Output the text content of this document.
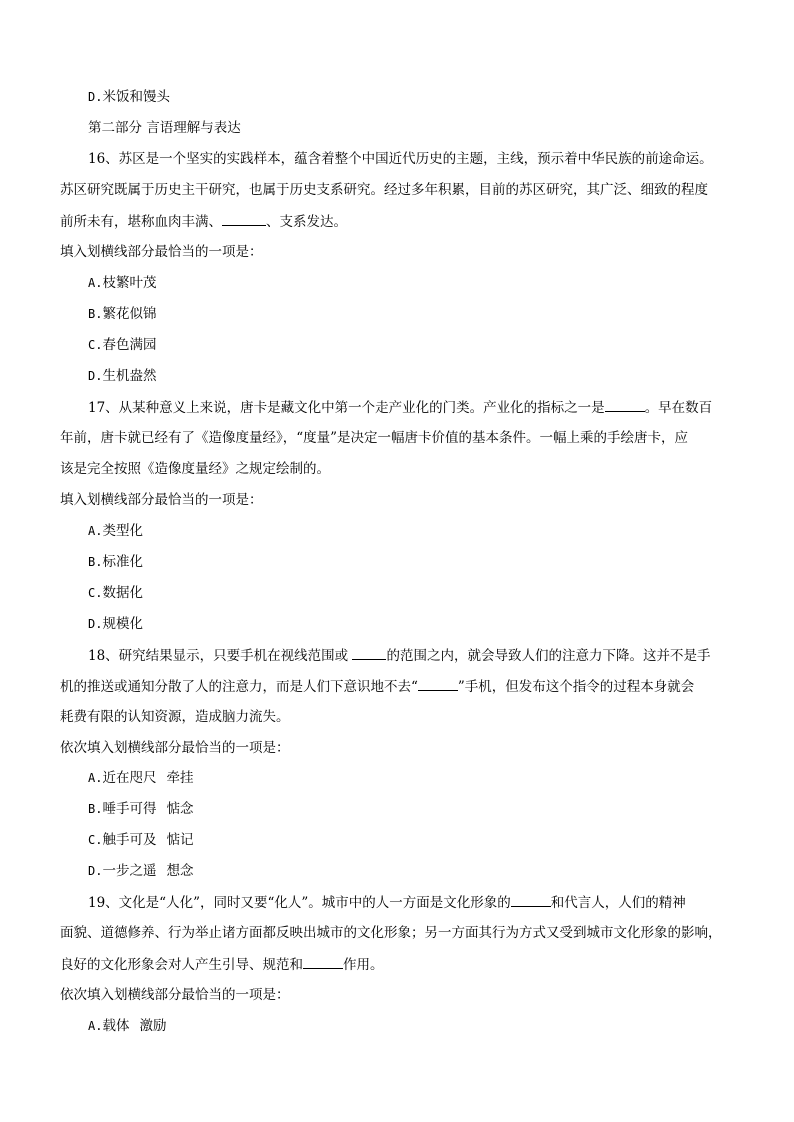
D.米饭和馒头
第二部分 言语理解与表达
16、苏区是一个坚实的实践样本，蕴含着整个中国近代历史的主题，主线，预示着中华民族的前途命运。
苏区研究既属于历史主干研究，也属于历史支系研究。经过多年积累，目前的苏区研究，其广泛、细致的程度
前所未有，堪称血肉丰满、	、支系发达。
填入划横线部分最恰当的一项是：
A.枝繁叶茂
B.繁花似锦
C.春色满园
D.生机盎然
17、从某种意义上来说，唐卡是藏文化中第一个走产业化的门类。产业化的指标之一是	。早在数百
年前，唐卡就已经有了《造像度量经》，“度量”是决定一幅唐卡价值的基本条件。一幅上乘的手绘唐卡，应
该是完全按照《造像度量经》之规定绘制的。
填入划横线部分最恰当的一项是：
A.类型化
B.标准化
C.数据化
D.规模化
18、研究结果显示，只要手机在视线范围或	的范围之内，就会导致人们的注意力下降。这并不是手
机的推送或通知分散了人的注意力，而是人们下意识地不去“	”手机，但发布这个指令的过程本身就会
耗费有限的认知资源，造成脑力流失。
依次填入划横线部分最恰当的一项是：
A.近在咫尺 牵挂
B.唾手可得 惦念
C.触手可及 惦记
D.一步之遥 想念
19、文化是“人化”，同时又要“化人”。城市中的人一方面是文化形象的	和代言人，人们的精神
面貌、道德修养、行为举止诸方面都反映出城市的文化形象；另一方面其行为方式又受到城市文化形象的影响，
良好的文化形象会对人产生引导、规范和	作用。
依次填入划横线部分最恰当的一项是：
A.载体 激励
